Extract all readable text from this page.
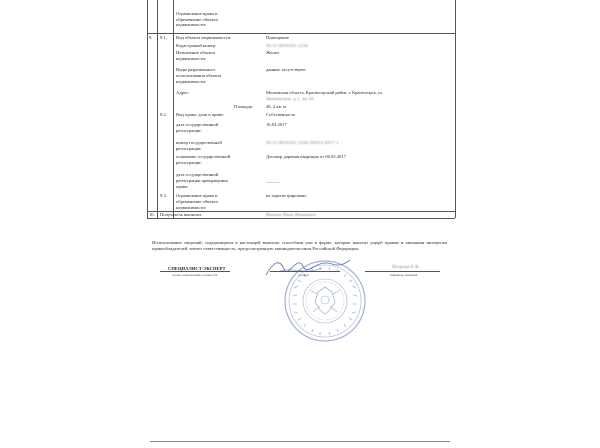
Ограничение права и
обременение объекта
недвижимости:
9. 9.1. Вид объекта недвижимости:	Помещение
Кадастровый номер:	50:11:0010101:1234
Назначение объекта
недвижимости:
Жилое
Виды разрешенного
использования объекта
недвижимости:
данные отсутствуют
Адрес:	Московская область, Красногорский район, г. Красногорск, ул.
Знаменская, д.1, кв.10
Площадь:	48, 2 кв. м
9.2. Вид права, доля в праве:	Собственность
дата государственной
регистрации:
16.03.2017
номер государственной
регистрации:
50:11:0010101:1234-50/011/2017-1
основание государственной
регистрации:
Договор дарения квартиры от 06.03.2017
дата государственной
регистрации прекращения
права:
______
9.3. Ограничение права и
обременение объекта
недвижимости:
не зарегистрировано
10. Получатель выписки:	Иванов Иван Иванович
Использование сведений, содержащихся в настоящей выписке, способами или в форме, которые наносят ущерб правам и законным интересам правообладателей, влечет ответственность, предусмотренную законодательством Российской Федерации.
СПЕЦИАЛИСТ-ЭКСПЕРТ
полное наименование должности	подпись	инициалы, фамилия
Петрова Е.В.
